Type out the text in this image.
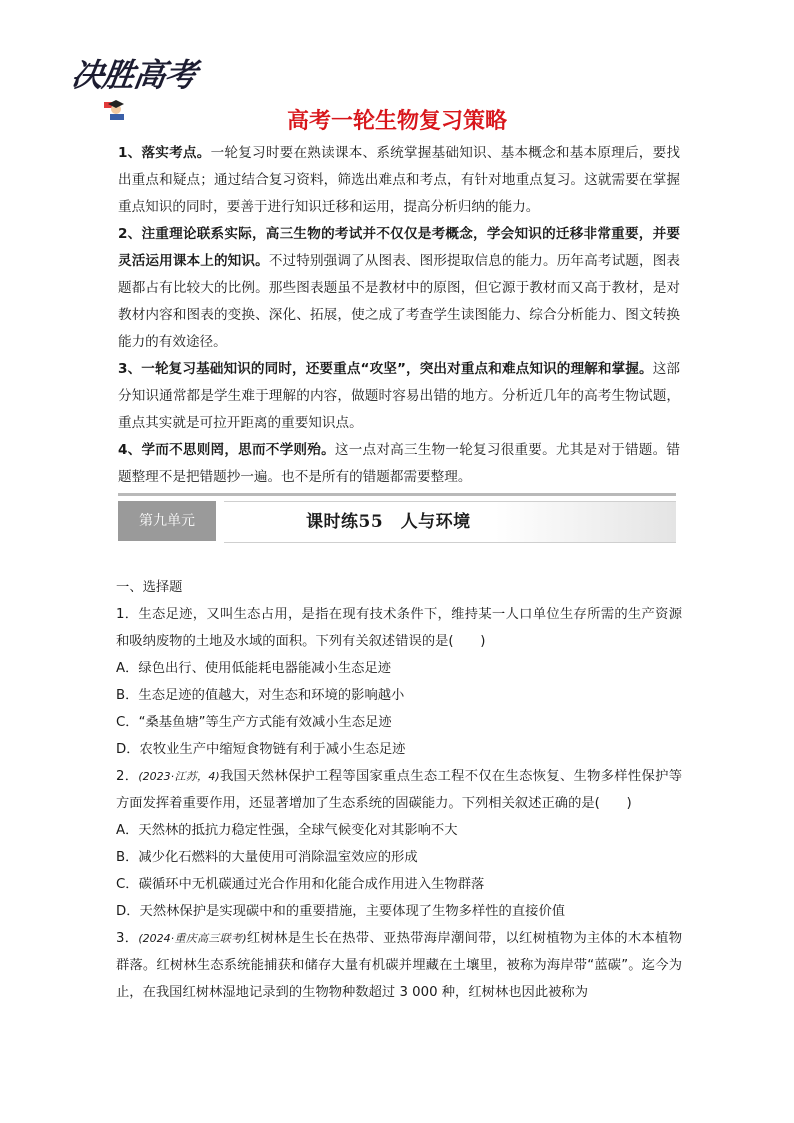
决胜高考
高考一轮生物复习策略

1、落实考点。一轮复习时要在熟读课本、系统掌握基础知识、基本概念和基本原理后，要找出重点和疑点；通过结合复习资料，筛选出难点和考点，有针对地重点复习。这就需要在掌握重点知识的同时，要善于进行知识迁移和运用，提高分析归纳的能力。

2、注重理论联系实际，高三生物的考试并不仅仅是考概念，学会知识的迁移非常重要，并要灵活运用课本上的知识。不过特别强调了从图表、图形提取信息的能力。历年高考试题，图表题都占有比较大的比例。那些图表题虽不是教材中的原图，但它源于教材而又高于教材，是对教材内容和图表的变换、深化、拓展，使之成了考查学生读图能力、综合分析能力、图文转换能力的有效途径。

3、一轮复习基础知识的同时，还要重点“攻坚”，突出对重点和难点知识的理解和掌握。这部分知识通常都是学生难于理解的内容，做题时容易出错的地方。分析近几年的高考生物试题，重点其实就是可拉开距离的重要知识点。

4、学而不思则罔，思而不学则殆。这一点对高三生物一轮复习很重要。尤其是对于错题。错题整理不是把错题抄一遍。也不是所有的错题都需要整理。

第九单元	课时练55　人与环境

一、选择题

1．生态足迹，又叫生态占用，是指在现有技术条件下，维持某一人口单位生存所需的生产资源和吸纳废物的土地及水域的面积。下列有关叙述错误的是(　　)

A．绿色出行、使用低能耗电器能减小生态足迹

B．生态足迹的值越大，对生态和环境的影响越小

C．“桑基鱼塘”等生产方式能有效减小生态足迹

D．农牧业生产中缩短食物链有利于减小生态足迹

2．(2023·江苏，4)我国天然林保护工程等国家重点生态工程不仅在生态恢复、生物多样性保护等方面发挥着重要作用，还显著增加了生态系统的固碳能力。下列相关叙述正确的是(　　)

A．天然林的抵抗力稳定性强，全球气候变化对其影响不大

B．减少化石燃料的大量使用可消除温室效应的形成

C．碳循环中无机碳通过光合作用和化能合成作用进入生物群落

D．天然林保护是实现碳中和的重要措施，主要体现了生物多样性的直接价值

3．(2024·重庆高三联考)红树林是生长在热带、亚热带海岸潮间带，以红树植物为主体的木本植物群落。红树林生态系统能捕获和储存大量有机碳并埋藏在土壤里，被称为海岸带“蓝碳”。迄今为止，在我国红树林湿地记录到的生物物种数超过 3 000 种，红树林也因此被称为
